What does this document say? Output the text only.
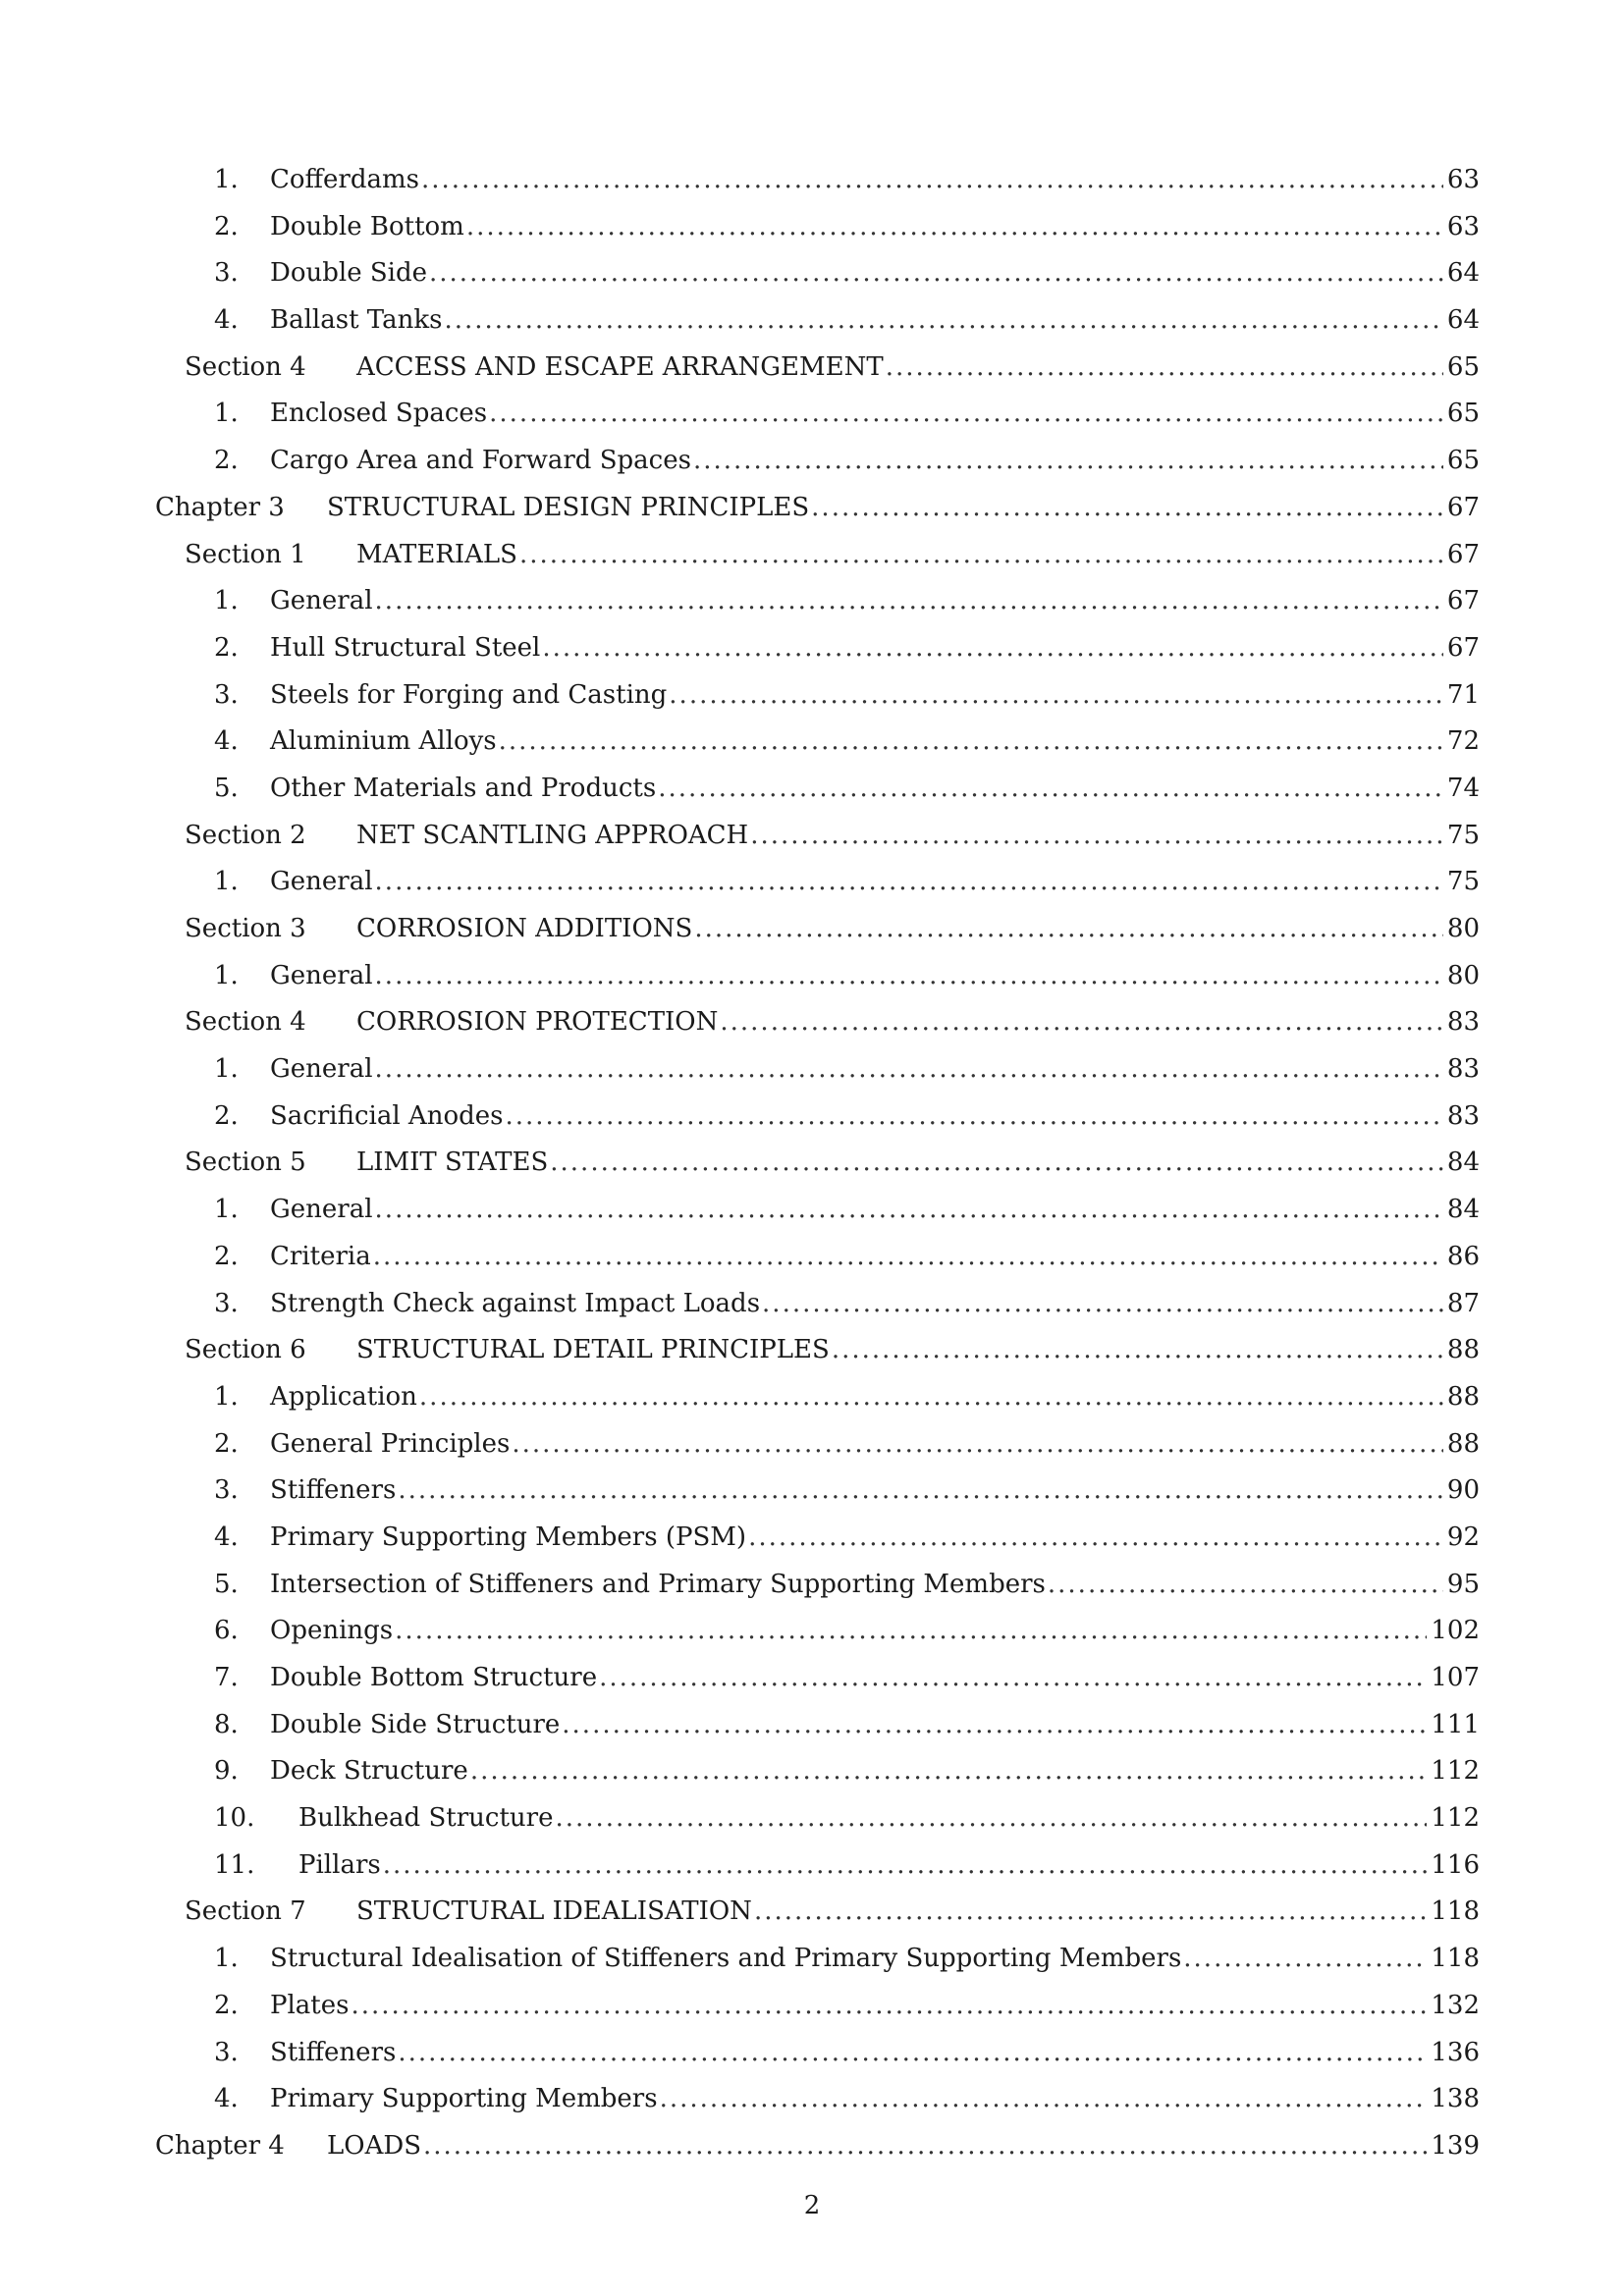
1. Cofferdams .....	63
2. Double Bottom .....	63
3. Double Side .....	64
4. Ballast Tanks .....	64
Section 4 ACCESS AND ESCAPE ARRANGEMENT .....	65
1. Enclosed Spaces .....	65
2. Cargo Area and Forward Spaces .....	65
Chapter 3 STRUCTURAL DESIGN PRINCIPLES .....	67
Section 1 MATERIALS .....	67
1. General .....	67
2. Hull Structural Steel .....	67
3. Steels for Forging and Casting .....	71
4. Aluminium Alloys .....	72
5. Other Materials and Products .....	74
Section 2 NET SCANTLING APPROACH .....	75
1. General .....	75
Section 3 CORROSION ADDITIONS .....	80
1. General .....	80
Section 4 CORROSION PROTECTION .....	83
1. General .....	83
2. Sacrificial Anodes .....	83
Section 5 LIMIT STATES .....	84
1. General .....	84
2. Criteria .....	86
3. Strength Check against Impact Loads .....	87
Section 6 STRUCTURAL DETAIL PRINCIPLES .....	88
1. Application .....	88
2. General Principles .....	88
3. Stiffeners .....	90
4. Primary Supporting Members (PSM) .....	92
5. Intersection of Stiffeners and Primary Supporting Members .....	95
6. Openings .....	102
7. Double Bottom Structure .....	107
8. Double Side Structure .....	111
9. Deck Structure .....	112
10. Bulkhead Structure .....	112
11. Pillars .....	116
Section 7 STRUCTURAL IDEALISATION .....	118
1. Structural Idealisation of Stiffeners and Primary Supporting Members .....	118
2. Plates .....	132
3. Stiffeners .....	136
4. Primary Supporting Members .....	138
Chapter 4 LOADS .....	139
2
